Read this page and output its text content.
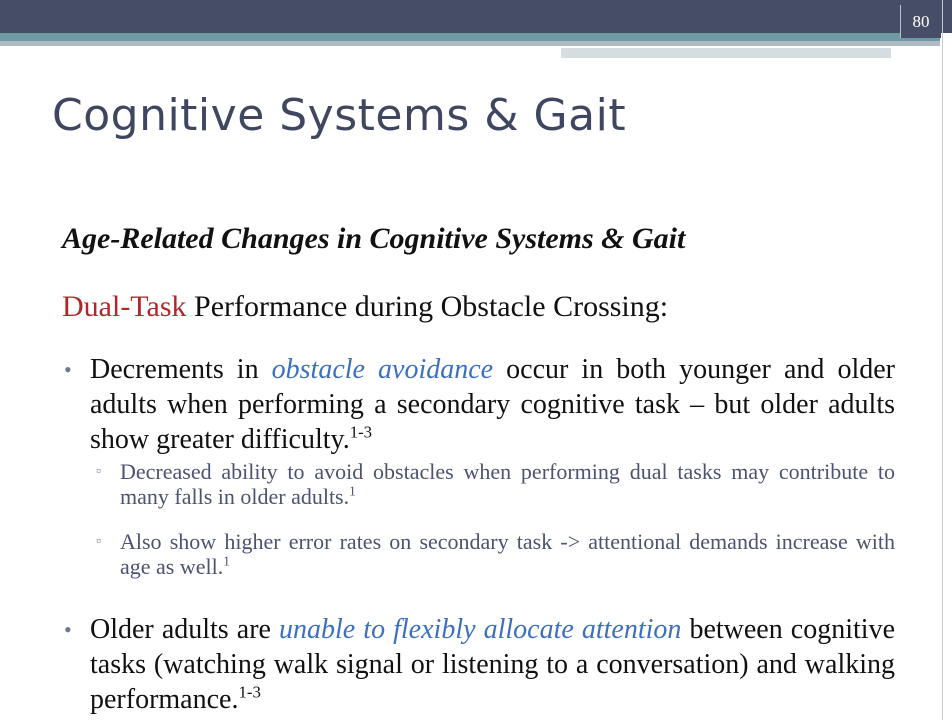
80
Cognitive Systems & Gait
Age-Related Changes in Cognitive Systems & Gait
Dual-Task Performance during Obstacle Crossing:
• Decrements in obstacle avoidance occur in both younger and older adults when performing a secondary cognitive task – but older adults show greater difficulty.$^{1-3}$
▫ Decreased ability to avoid obstacles when performing dual tasks may contribute to many falls in older adults.$^1$
▫ Also show higher error rates on secondary task -> attentional demands increase with age as well.$^1$
• Older adults are unable to flexibly allocate attention between cognitive tasks (watching walk signal or listening to a conversation) and walking performance.$^{1-3}$
